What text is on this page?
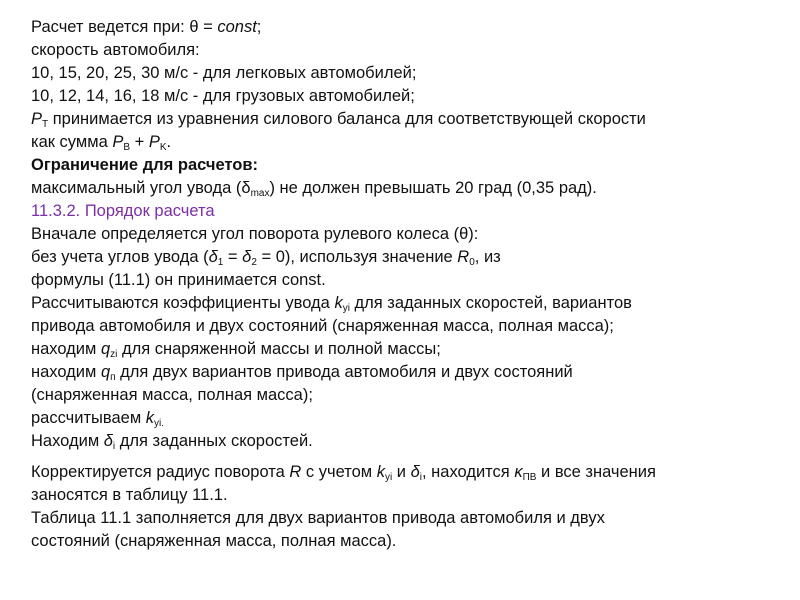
Расчет ведется при: θ = const;
скорость автомобиля:
10, 15, 20, 25, 30 м/с - для легковых автомобилей;
10, 12, 14, 16, 18 м/с - для грузовых автомобилей;
$P_T$ принимается из уравнения силового баланса для соответствующей скорости
как сумма $P_B + P_K$.
Ограничение для расчетов:
максимальный угол увода $(\delta_{max})$ не должен превышать 20 град (0,35 рад).
11.3.2. Порядок расчета
Вначале определяется угол поворота рулевого колеса (θ):
без учета углов увода $(\delta_1 = \delta_2 = 0)$, используя значение $R_0$, из
формулы (11.1) он принимается const.
Рассчитываются коэффициенты увода $k_{yi}$ для заданных скоростей, вариантов
привода автомобиля и двух состояний (снаряженная масса, полная масса);
находим $q_{zi}$ для снаряженной массы и полной массы;
находим $q_п$ для двух вариантов привода автомобиля и двух состояний
(снаряженная масса, полная масса);
рассчитываем $k_{yi.}$
Находим $\delta_i$ для заданных скоростей.
Корректируется радиус поворота R с учетом $k_{yi}$ и $\delta_i$, находится $\kappa_{ПВ}$ и все значения
заносятся в таблицу 11.1.
Таблица 11.1 заполняется для двух вариантов привода автомобиля и двух
состояний (снаряженная масса, полная масса).
